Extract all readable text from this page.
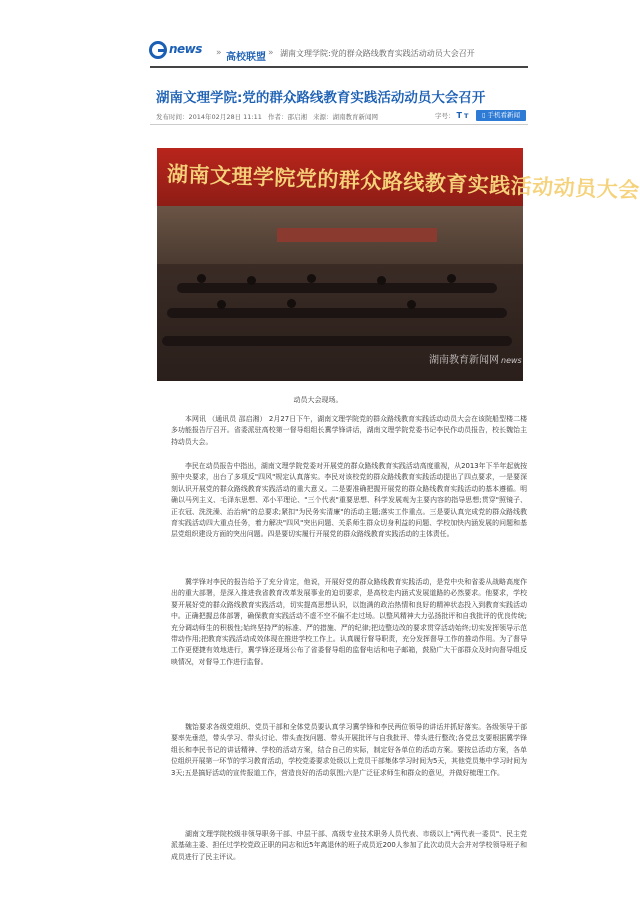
news » 高校联盟 » 湖南文理学院:党的群众路线教育实践活动动员大会召开
湖南文理学院:党的群众路线教育实践活动动员大会召开
发布时间：2014年02月28日 11:11 作者：邵启湘 来源：湖南教育新闻网	字号： T T	▯ 手机看新闻
湖南文理学院党的群众路线教育实践活动动员大会
湖南教育新闻网 news
动员大会现场。

本网讯 （通讯员 邵启湘） 2月27日下午，湖南文理学院党的群众路线教育实践活动动员大会在该院船型楼二楼多功能报告厅召开。省委派驻高校第一督导组组长冀学锋讲话，湖南文理学院党委书记李民作动员报告，校长魏饴主持动员大会。

李民在动员报告中指出，湖南文理学院党委对开展党的群众路线教育实践活动高度重视，从2013年下半年起就按照中央要求，出台了多项反"四风"规定认真落实。李民对该校党的群众路线教育实践活动提出了四点要求，一是要深刻认识开展党的群众路线教育实践活动的重大意义。二是要准确把握开展党的群众路线教育实践活动的基本遵循。明确以马列主义、毛泽东思想、邓小平理论、"三个代表"重要思想、科学发展观为主要内容的指导思想;贯穿"照镜子、正衣冠、洗洗澡、治治病"的总要求;紧扣"为民务实清廉"的活动主题;落实工作重点。三是要认真完成党的群众路线教育实践活动四大重点任务，着力解决"四风"突出问题、关系师生群众切身利益的问题、学校加快内涵发展的问题和基层党组织建设方面的突出问题。四是要切实履行开展党的群众路线教育实践活动的主体责任。

冀学锋对李民的报告给予了充分肯定，他说，开展好党的群众路线教育实践活动，是党中央和省委从战略高度作出的重大部署，是深入推进我省教育改革发展事业的迫切要求，是高校走内涵式发展道路的必然要求。他要求，学校要开展好党的群众路线教育实践活动，切实提高思想认识，以饱满的政治热情和良好的精神状态投入到教育实践活动中。正确把握总体部署，确保教育实践活动不虚不空不偏不走过场。以整风精神大力弘扬批评和自我批评的优良传统;充分调动师生的积极性;始终坚持严的标准、严的措施、严的纪律;把边整边改的要求贯穿活动始终;切实发挥领导示范带动作用;把教育实践活动成效体现在推进学校工作上。认真履行督导职责，充分发挥督导工作的推动作用。为了督导工作更便捷有效地进行，冀学锋还现场公布了省委督导组的监督电话和电子邮箱，鼓励广大干部群众及时向督导组反映情况，对督导工作进行监督。

魏饴要求各级党组织、党员干部和全体党员要认真学习冀学锋和李民两位领导的讲话并抓好落实。各级领导干部要率先垂范，带头学习、带头讨论、带头查找问题、带头开展批评与自我批评、带头进行整改;各党总支要根据冀学锋组长和李民书记的讲话精神、学校的活动方案，结合自己的实际，制定好各单位的活动方案。要按总活动方案，各单位组织开展第一环节的学习教育活动，学校党委要求处级以上党员干部集体学习时间为5天，其他党员集中学习时间为3天;五是搞好活动的宣传报道工作，营造良好的活动氛围;六是广泛征求师生和群众的意见，并做好梳理工作。

湖南文理学院校级非领导职务干部、中层干部、高级专业技术职务人员代表、市级以上"两代表一委员"、民主党派基础主委、担任过学校党政正职的同志和近5年离退休的班子成员近200人参加了此次动员大会并对学校领导班子和成员进行了民主评议。
